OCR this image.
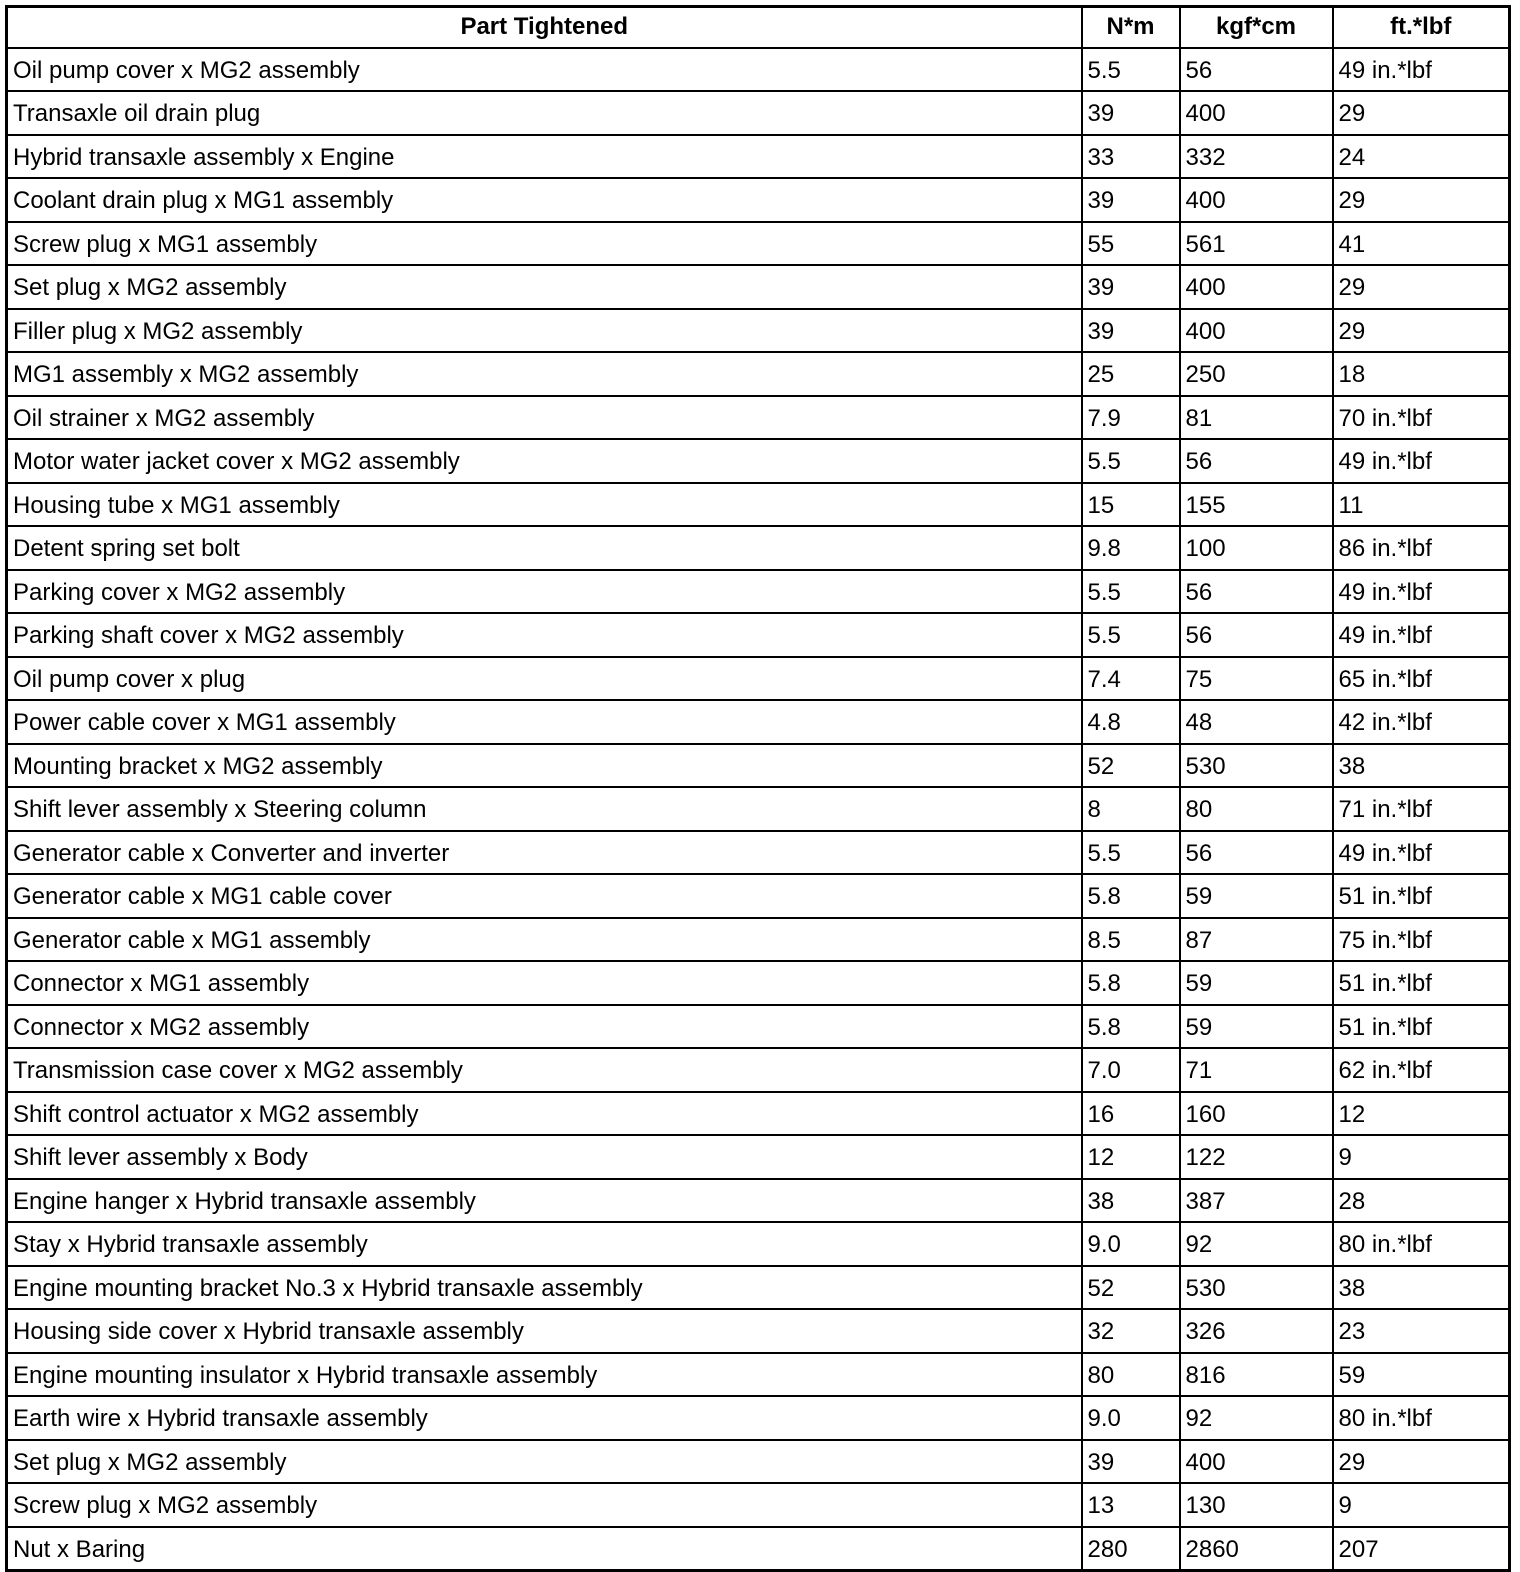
Part Tightened	N*m	kgf*cm	ft.*lbf
Oil pump cover x MG2 assembly	5.5	56	49 in.*lbf
Transaxle oil drain plug	39	400	29
Hybrid transaxle assembly x Engine	33	332	24
Coolant drain plug x MG1 assembly	39	400	29
Screw plug x MG1 assembly	55	561	41
Set plug x MG2 assembly	39	400	29
Filler plug x MG2 assembly	39	400	29
MG1 assembly x MG2 assembly	25	250	18
Oil strainer x MG2 assembly	7.9	81	70 in.*lbf
Motor water jacket cover x MG2 assembly	5.5	56	49 in.*lbf
Housing tube x MG1 assembly	15	155	11
Detent spring set bolt	9.8	100	86 in.*lbf
Parking cover x MG2 assembly	5.5	56	49 in.*lbf
Parking shaft cover x MG2 assembly	5.5	56	49 in.*lbf
Oil pump cover x plug	7.4	75	65 in.*lbf
Power cable cover x MG1 assembly	4.8	48	42 in.*lbf
Mounting bracket x MG2 assembly	52	530	38
Shift lever assembly x Steering column	8	80	71 in.*lbf
Generator cable x Converter and inverter	5.5	56	49 in.*lbf
Generator cable x MG1 cable cover	5.8	59	51 in.*lbf
Generator cable x MG1 assembly	8.5	87	75 in.*lbf
Connector x MG1 assembly	5.8	59	51 in.*lbf
Connector x MG2 assembly	5.8	59	51 in.*lbf
Transmission case cover x MG2 assembly	7.0	71	62 in.*lbf
Shift control actuator x MG2 assembly	16	160	12
Shift lever assembly x Body	12	122	9
Engine hanger x Hybrid transaxle assembly	38	387	28
Stay x Hybrid transaxle assembly	9.0	92	80 in.*lbf
Engine mounting bracket No.3 x Hybrid transaxle assembly	52	530	38
Housing side cover x Hybrid transaxle assembly	32	326	23
Engine mounting insulator x Hybrid transaxle assembly	80	816	59
Earth wire x Hybrid transaxle assembly	9.0	92	80 in.*lbf
Set plug x MG2 assembly	39	400	29
Screw plug x MG2 assembly	13	130	9
Nut x Baring	280	2860	207
